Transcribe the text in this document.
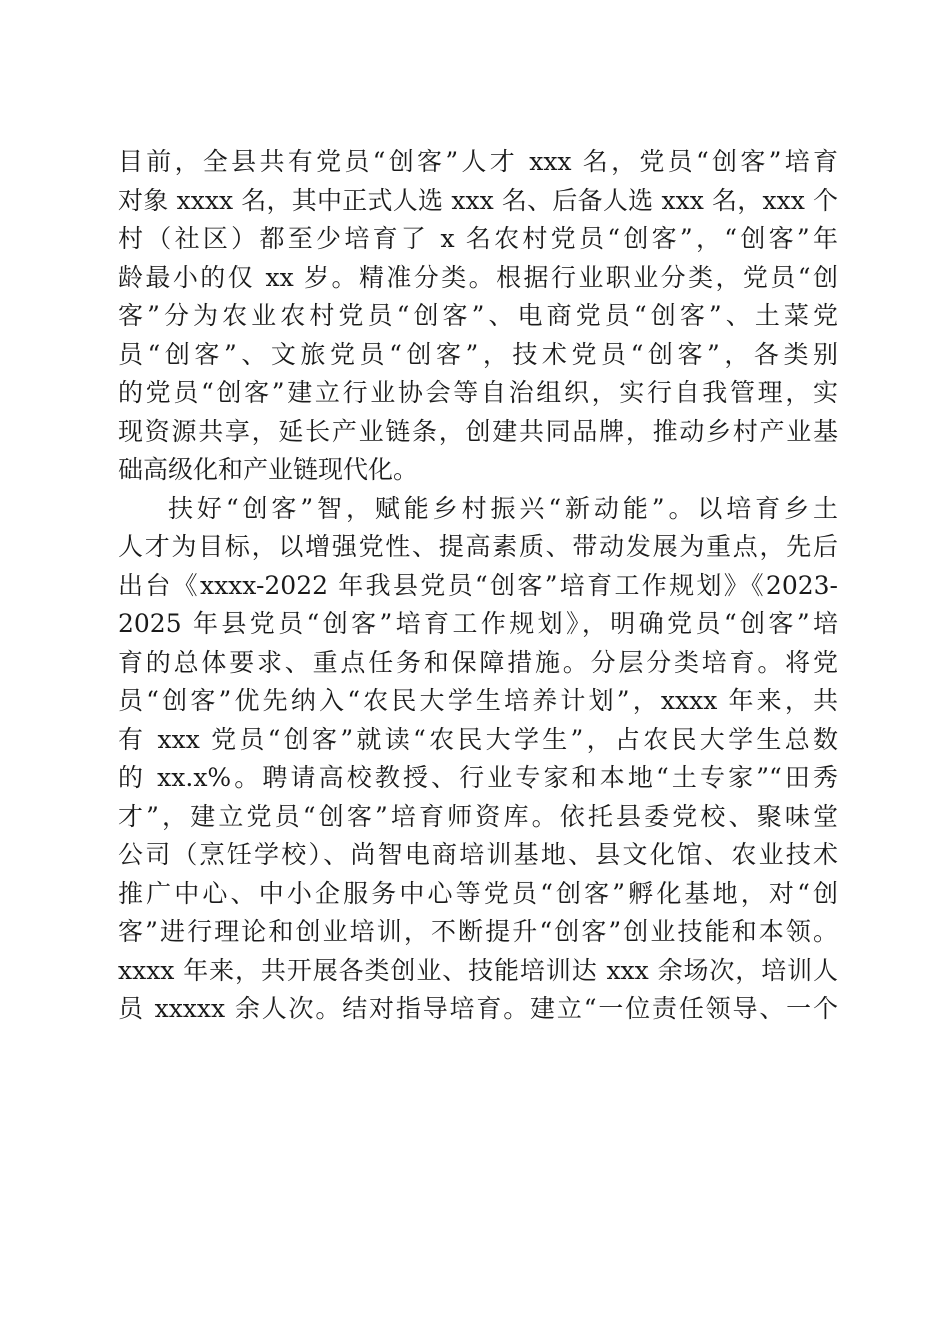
目前，全县共有党员“创客”人才 xxx 名，党员“创客”培育
对象 xxxx 名，其中正式人选 xxx 名、后备人选 xxx 名，xxx 个
村（社区）都至少培育了 x 名农村党员“创客”，“创客”年
龄最小的仅 xx 岁。精准分类。根据行业职业分类，党员“创
客”分为农业农村党员“创客”、电商党员“创客”、土菜党
员“创客”、文旅党员“创客”，技术党员“创客”，各类别
的党员“创客”建立行业协会等自治组织，实行自我管理，实
现资源共享，延长产业链条，创建共同品牌，推动乡村产业基
础高级化和产业链现代化。
扶好“创客”智，赋能乡村振兴“新动能”。以培育乡土
人才为目标，以增强党性、提高素质、带动发展为重点，先后
出台《xxxx-2022 年我县党员“创客”培育工作规划》《2023-
2025 年县党员“创客”培育工作规划》，明确党员“创客”培
育的总体要求、重点任务和保障措施。分层分类培育。将党
员“创客”优先纳入“农民大学生培养计划”，xxxx 年来，共
有 xxx 党员“创客”就读“农民大学生”，占农民大学生总数
的 xx.x%。聘请高校教授、行业专家和本地“土专家”“田秀
才”，建立党员“创客”培育师资库。依托县委党校、聚味堂
公司（烹饪学校）、尚智电商培训基地、县文化馆、农业技术
推广中心、中小企服务中心等党员“创客”孵化基地，对“创
客”进行理论和创业培训，不断提升“创客”创业技能和本领。
xxxx 年来，共开展各类创业、技能培训达 xxx 余场次，培训人
员 xxxxx 余人次。结对指导培育。建立“一位责任领导、一个
